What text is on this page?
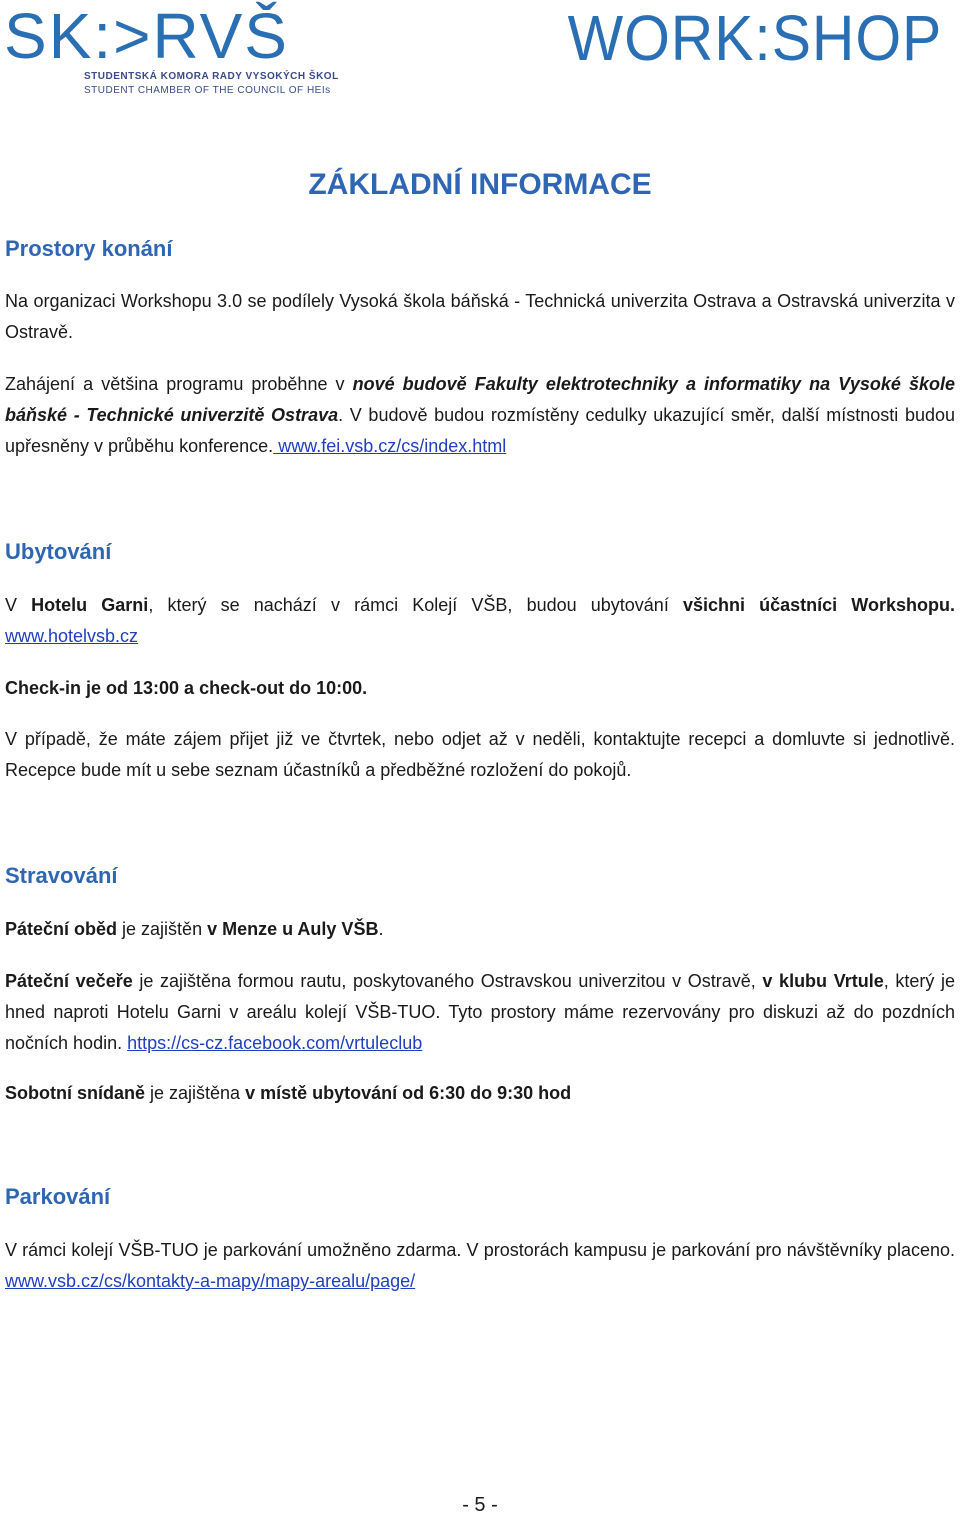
SK:>RVŠ
STUDENTSKÁ KOMORA RADY VYSOKÝCH ŠKOL
STUDENT CHAMBER OF THE COUNCIL OF HEIs
WORK:SHOP
ZÁKLADNÍ INFORMACE
Prostory konání

Na organizaci Workshopu 3.0 se podílely Vysoká škola báňská - Technická univerzita Ostrava a Ostravská univerzita v Ostravě.

Zahájení a většina programu proběhne v nové budově Fakulty elektrotechniky a informatiky na Vysoké škole báňské - Technické univerzitě Ostrava. V budově budou rozmístěny cedulky ukazující směr, další místnosti budou upřesněny v průběhu konference. www.fei.vsb.cz/cs/index.html

Ubytování

V Hotelu Garni, který se nachází v rámci Kolejí VŠB, budou ubytování všichni účastníci Workshopu. www.hotelvsb.cz

Check-in je od 13:00 a check-out do 10:00.

V případě, že máte zájem přijet již ve čtvrtek, nebo odjet až v neděli, kontaktujte recepci a domluvte si jednotlivě. Recepce bude mít u sebe seznam účastníků a předběžné rozložení do pokojů.

Stravování

Páteční oběd je zajištěn v Menze u Auly VŠB.

Páteční večeře je zajištěna formou rautu, poskytovaného Ostravskou univerzitou v Ostravě, v klubu Vrtule, který je hned naproti Hotelu Garni v areálu kolejí VŠB-TUO. Tyto prostory máme rezervovány pro diskuzi až do pozdních nočních hodin. https://cs-cz.facebook.com/vrtuleclub

Sobotní snídaně je zajištěna v místě ubytování od 6:30 do 9:30 hod

Parkování

V rámci kolejí VŠB-TUO je parkování umožněno zdarma. V prostorách kampusu je parkování pro návštěvníky placeno. www.vsb.cz/cs/kontakty-a-mapy/mapy-arealu/page/

- 5 -
